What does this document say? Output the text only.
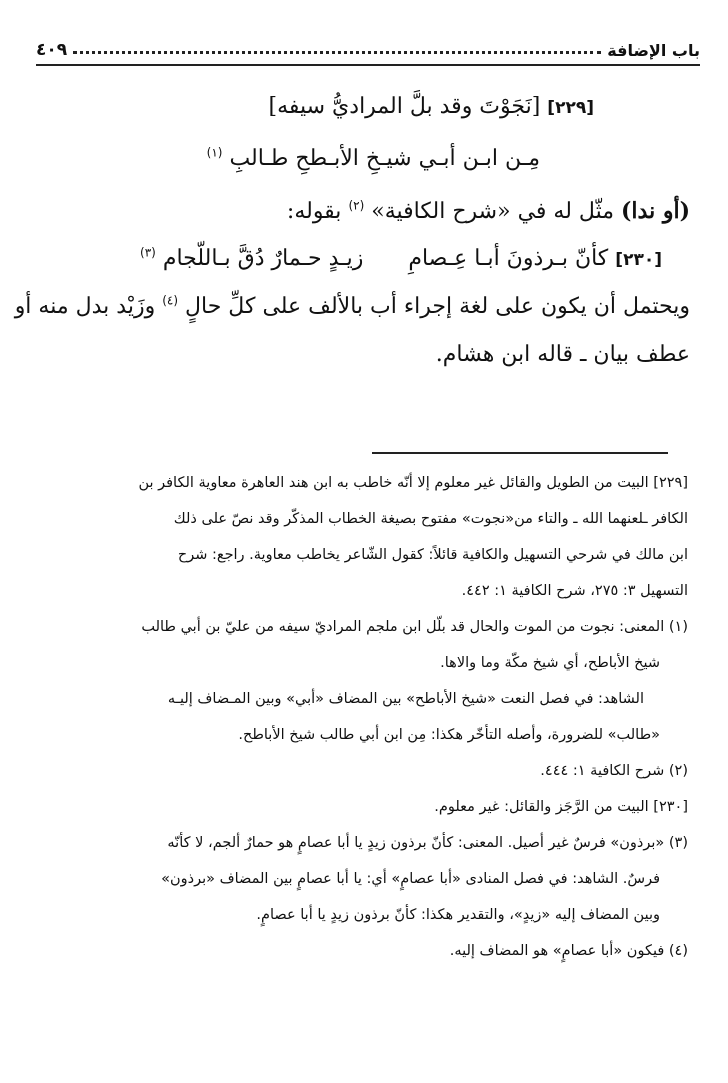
باب الإضافة
٤٠٩
[٢٢٩] [نَجَوْتَ وقد بلَّ المراديُّ سيفه]
مِـن ابـن أبـي شيـخِ الأبـطحِ طـالبِ $^{(١)}$
(أو ندا) مثّل له في «شرح الكافية» $^{(٢)}$ بقوله:
[٢٣٠] كأنّ بـرذونَ أبـا عِـصامِ زيـدٍ حـمارٌ دُقَّ بـاللّجام $^{(٣)}$
ويحتمل أن يكون على لغة إجراء أب بالألف على كلِّ حالٍ $^{(٤)}$ وزَيْد بدل منه أو
عطف بيان ـ قاله ابن هشام.
[٢٢٩] البيت من الطويل والقائل غير معلوم إلا أنّه خاطب به ابن هند العاهرة معاوية الكافر بن
الكافر ـلعنهما الله ـ والتاء من«نجوت» مفتوح بصيغة الخطاب المذكّر وقد نصّ على ذلك
ابن مالك في شرحي التسهيل والكافية قائلاً: كقول الشّاعر يخاطب معاوية. راجع: شرح
التسهيل ٣: ٢٧٥، شرح الكافية ١: ٤٤٢.
(١) المعنى: نجوت من الموت والحال قد بلّل ابن ملجم المراديّ سيفه من عليّ بن أبي طالب
شيخ الأباطح، أي شيخ مكّة وما والاها.
الشاهد: في فصل النعت «شيخ الأباطح» بين المضاف «أبي» وبين المـضاف إليـه
«طالب» للضرورة، وأصله التأخّر هكذا: مِن ابن أبي طالب شيخ الأباطح.
(٢) شرح الكافية ١: ٤٤٤.
[٢٣٠] البيت من الرَّجَز والقائل: غير معلوم.
(٣) «برذون» فرسٌ غير أصيل. المعنى: كأنّ برذون زيدٍ يا أبا عصامٍ هو حمارٌ ألجم، لا كأنّه
فرسٌ. الشاهد: في فصل المنادى «أبا عصامٍ» أي: يا أبا عصامٍ بين المضاف «برذون»
وبين المضاف إليه «زيدٍ»، والتقدير هكذا: كأنّ برذون زيدٍ يا أبا عصامٍ.
(٤) فيكون «أبا عصامٍ» هو المضاف إليه.
